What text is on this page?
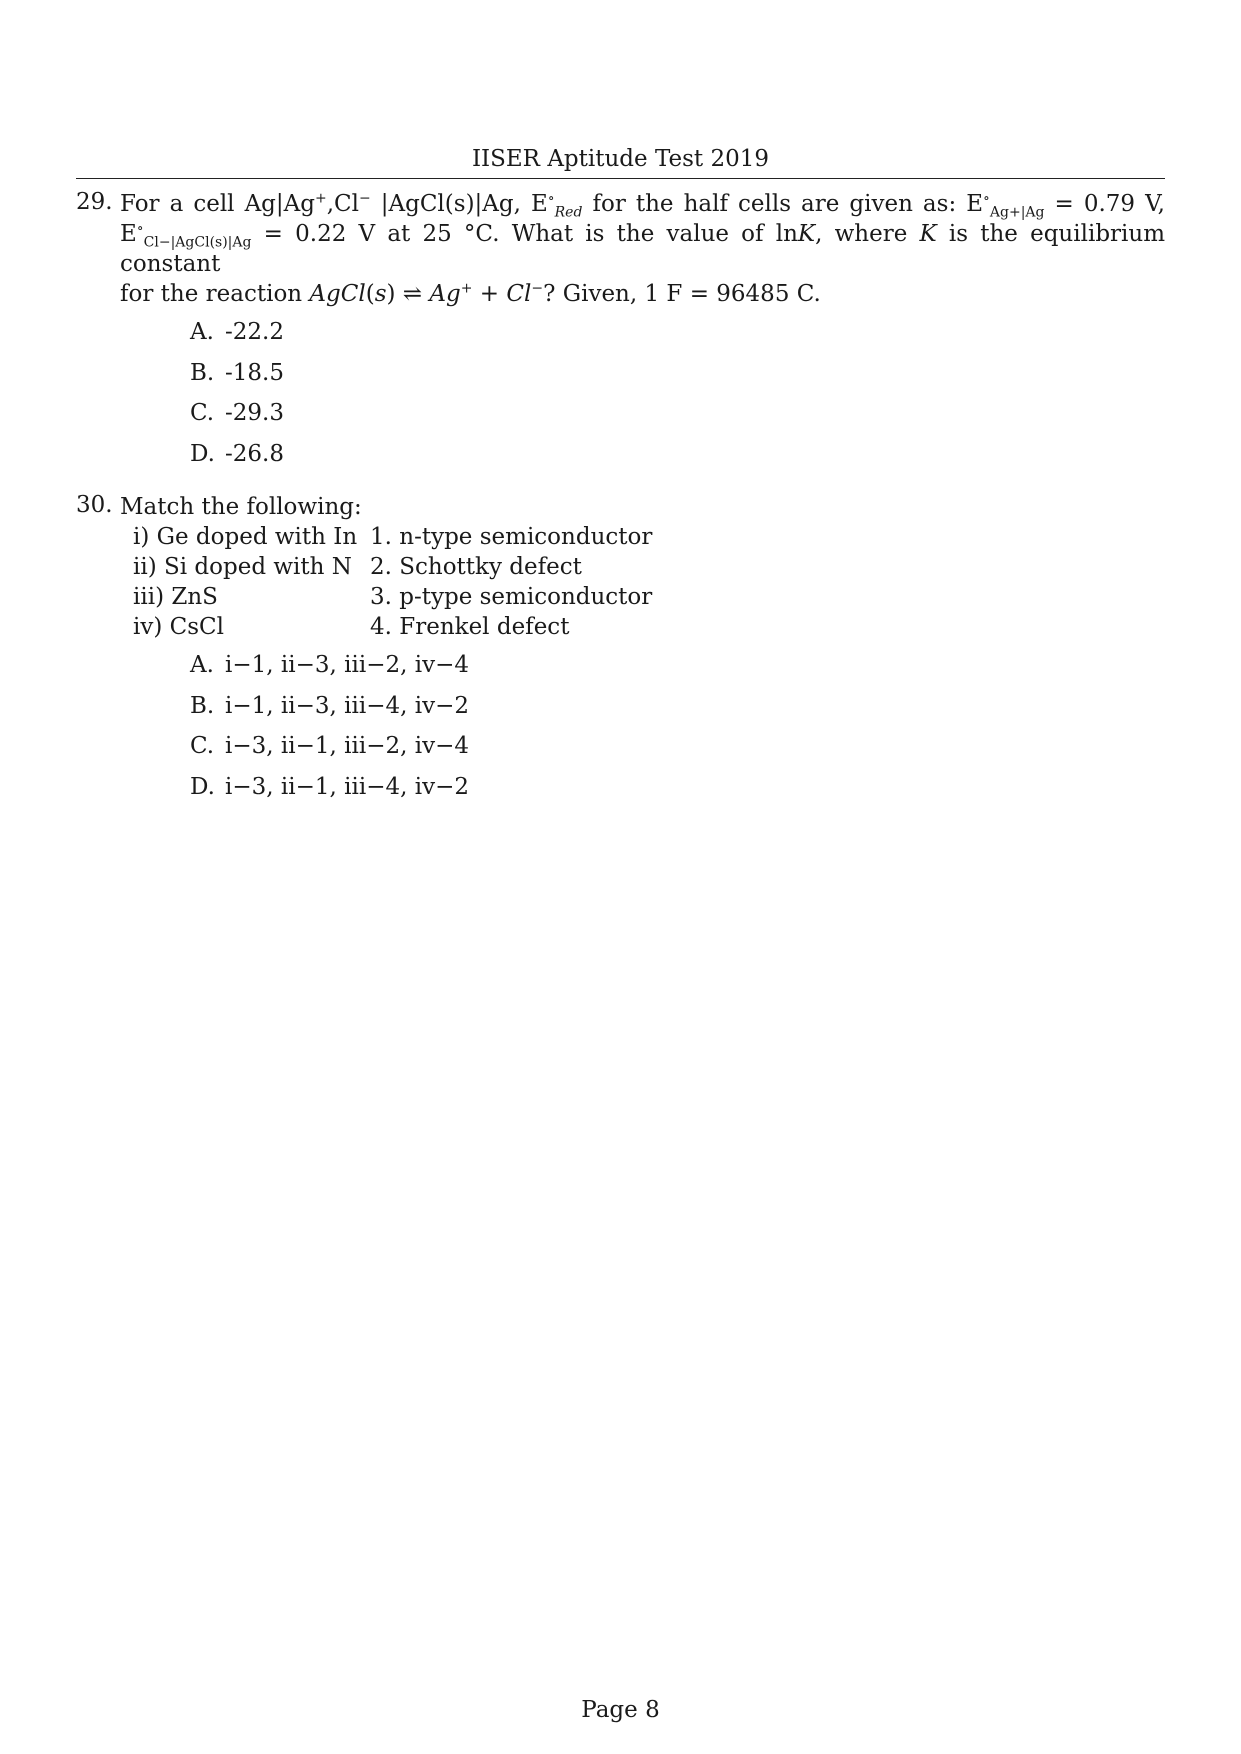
IISER Aptitude Test 2019
29. For a cell Ag|Ag+,Cl− |AgCl(s)|Ag, $E^\circ_{Red}$ for the half cells are given as: $E^\circ_{Ag+|Ag} = 0.79$ V,
$E^\circ_{Cl-|AgCl(s)|Ag} = 0.22$ V at 25 °C. What is the value of lnK, where K is the equilibrium constant
for the reaction AgCl(s) ⇌ Ag+ + Cl−? Given, 1 F = 96485 C.
A. -22.2
B. -18.5
C. -29.3
D. -26.8
30. Match the following:
i) Ge doped with In 1. n-type semiconductor
ii) Si doped with N 2. Schottky defect
iii) ZnS	3. p-type semiconductor
iv) CsCl	4. Frenkel defect
A. i−1, ii−3, iii−2, iv−4
B. i−1, ii−3, iii−4, iv−2
C. i−3, ii−1, iii−2, iv−4
D. i−3, ii−1, iii−4, iv−2
Page 8
